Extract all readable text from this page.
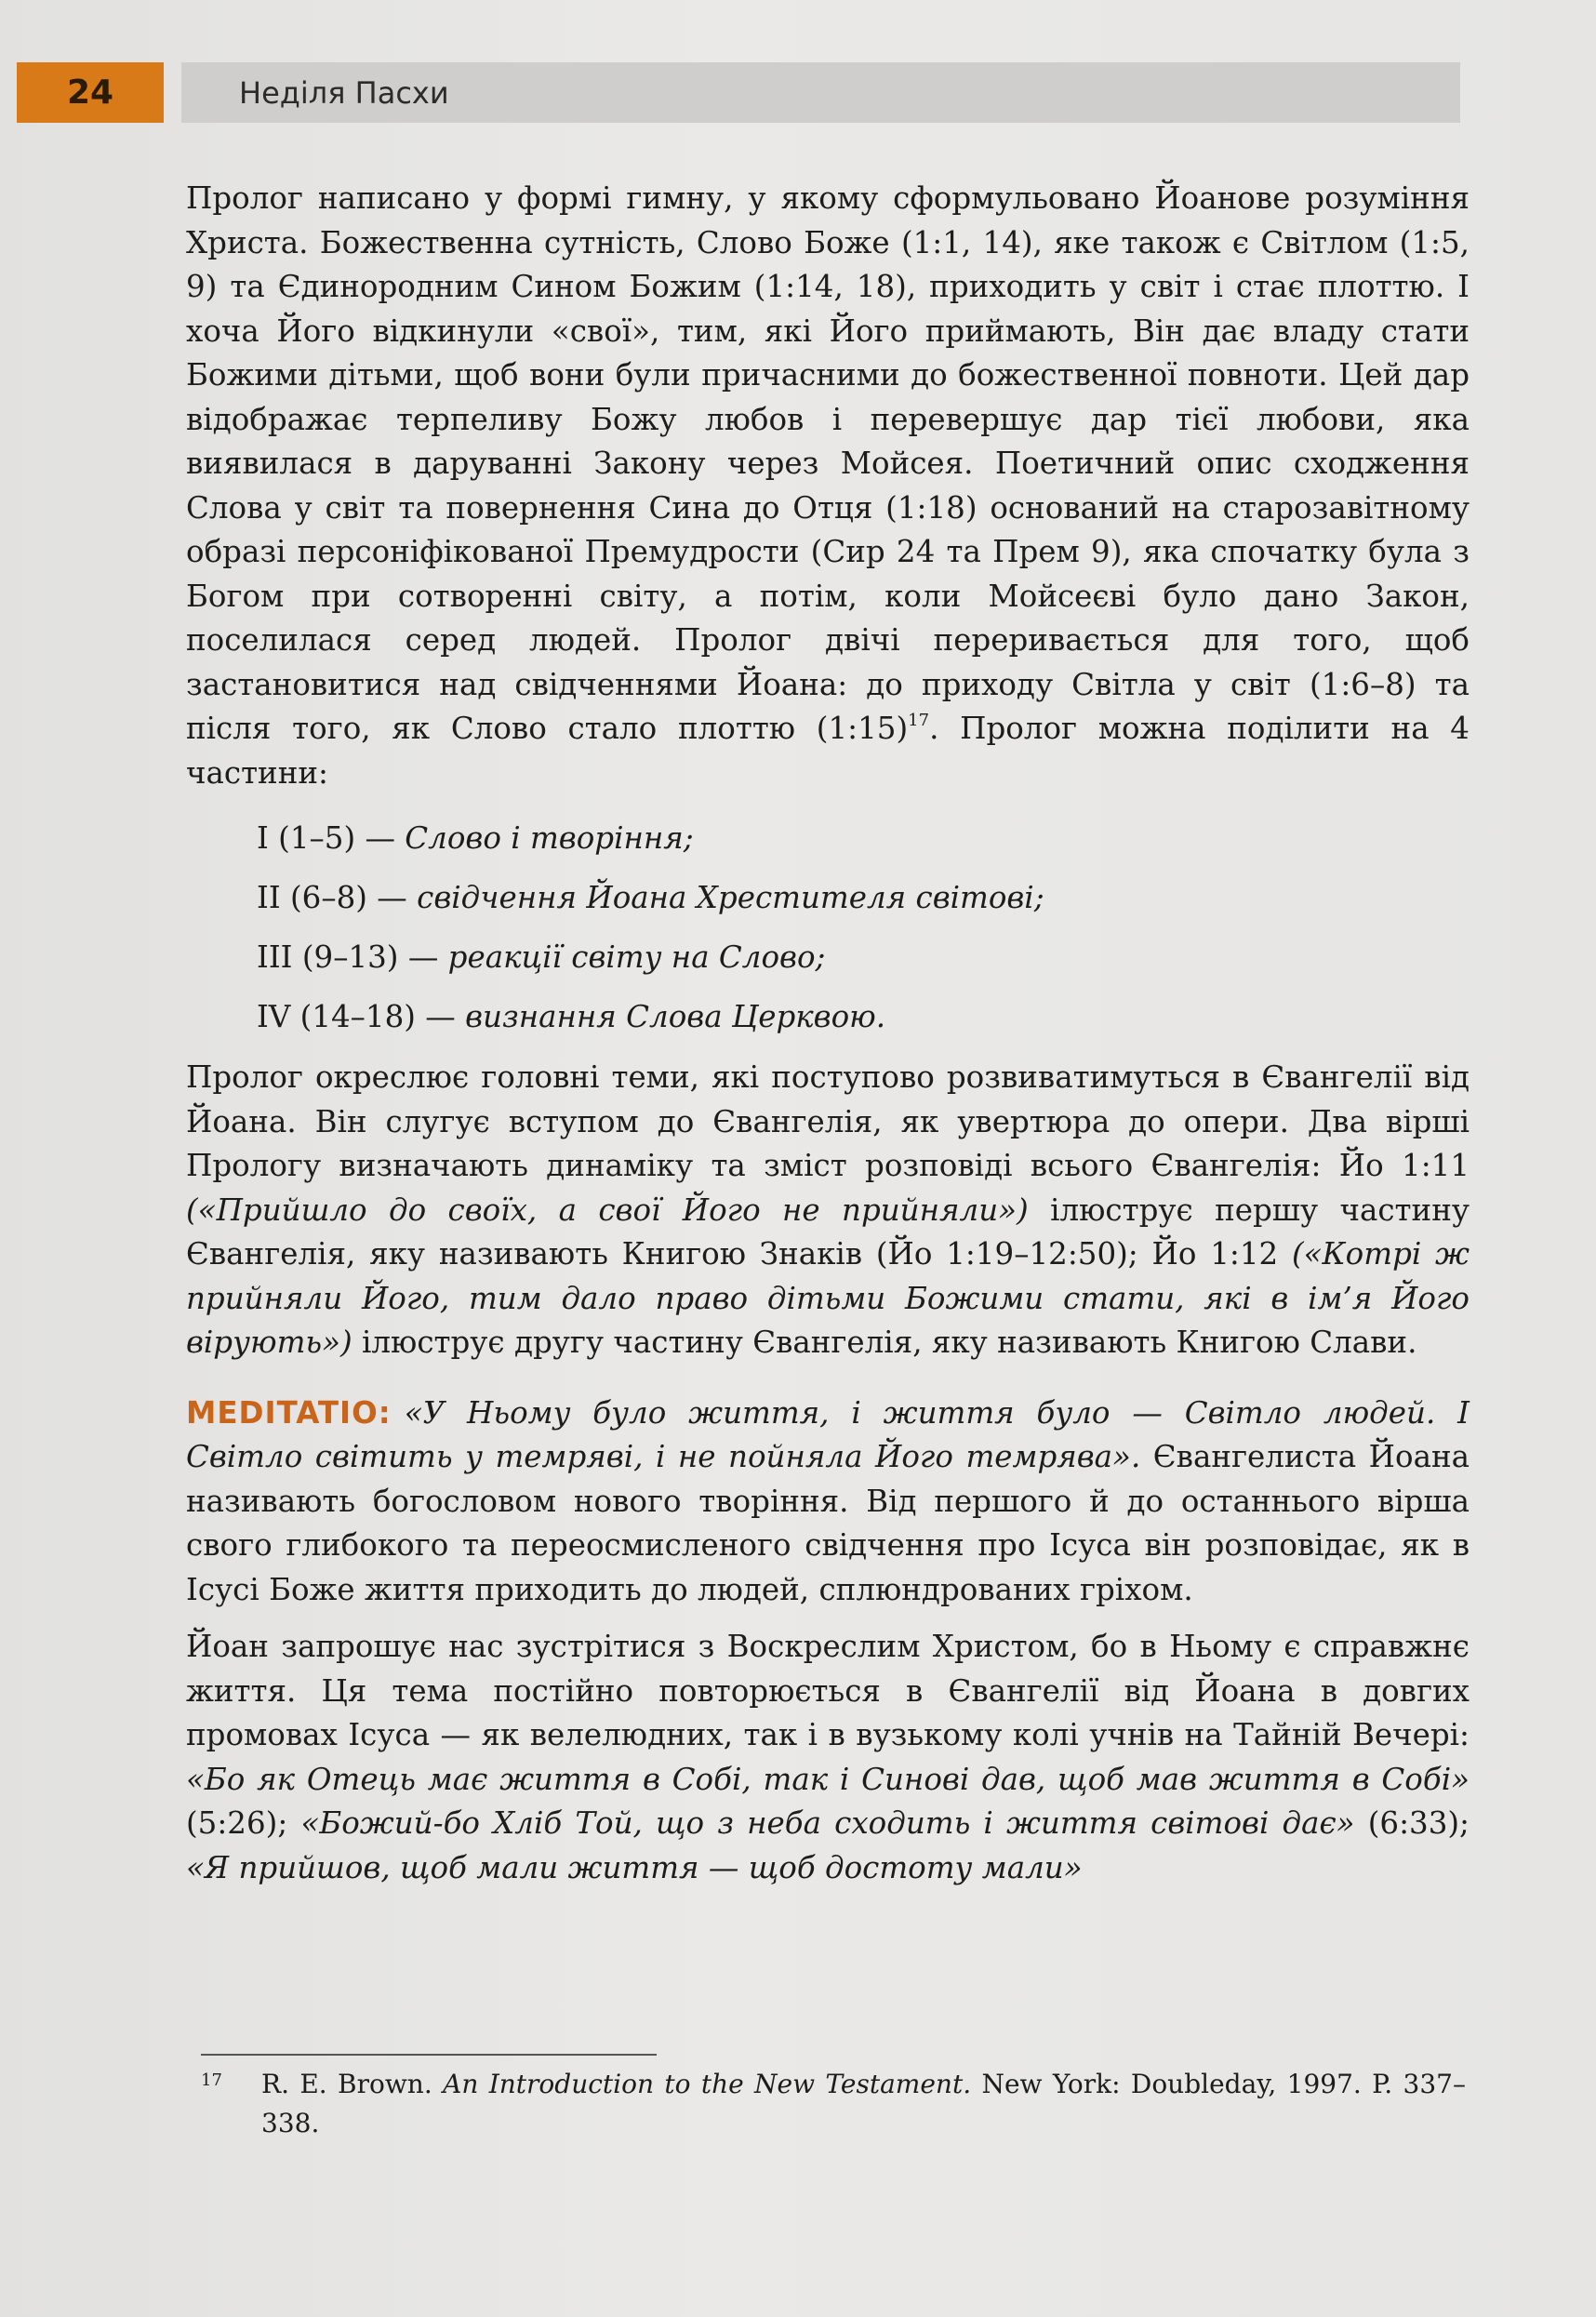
24	Неділя Пасхи

Пролог написано у формі гимну, у якому сформульовано Йоанове розуміння Христа. Божественна сутність, Слово Боже (1:1, 14), яке також є Світлом (1:5, 9) та Єдинородним Сином Божим (1:14, 18), приходить у світ і стає плоттю. І хоча Його відкинули «свої», тим, які Його приймають, Він дає владу стати Божими дітьми, щоб вони були причасними до божественної повноти. Цей дар відображає терпеливу Божу любов і перевершує дар тієї любови, яка виявилася в даруванні Закону через Мойсея. Поетичний опис сходження Слова у світ та повернення Сина до Отця (1:18) оснований на старозавітному образі персоніфікованої Премудрости (Сир 24 та Прем 9), яка спочатку була з Богом при сотворенні світу, а потім, коли Мойсеєві було дано Закон, поселилася серед людей. Пролог двічі переривається для того, щоб застановитися над свідченнями Йоана: до приходу Світла у світ (1:6–8) та після того, як Слово стало плоттю (1:15)$^{17}$. Пролог можна поділити на 4 частини:

I (1–5) — Слово і творіння;
II (6–8) — свідчення Йоана Хрестителя світові;
III (9–13) — реакції світу на Слово;
IV (14–18) — визнання Слова Церквою.

Пролог окреслює головні теми, які поступово розвиватимуться в Євангелії від Йоана. Він слугує вступом до Євангелія, як увертюра до опери. Два вірші Прологу визначають динаміку та зміст розповіді всього Євангелія: Йо 1:11 («Прийшло до своїх, а свої Його не прийняли») ілюструє першу частину Євангелія, яку називають Книгою Знаків (Йо 1:19–12:50); Йо 1:12 («Котрі ж прийняли Його, тим дало право дітьми Божими стати, які в ім’я Його вірують») ілюструє другу частину Євангелія, яку називають Книгою Слави.

MEDITATIO: «У Ньому було життя, і життя було — Світло людей. І Світло світить у темряві, і не пойняла Його темрява». Євангелиста Йоана називають богословом нового творіння. Від першого й до останнього вірша свого глибокого та переосмисленого свідчення про Ісуса він розповідає, як в Ісусі Боже життя приходить до людей, сплюндрованих гріхом.

Йоан запрошує нас зустрітися з Воскреслим Христом, бо в Ньому є справжнє життя. Ця тема постійно повторюється в Євангелії від Йоана в довгих промовах Ісуса — як велелюдних, так і в вузькому колі учнів на Тайній Вечері: «Бо як Отець має життя в Собі, так і Синові дав, щоб мав життя в Собі» (5:26); «Божий-бо Хліб Той, що з неба сходить і життя світові дає» (6:33); «Я прийшов, щоб мали життя — щоб достоту мали»

17	R. E. Brown. An Introduction to the New Testament. New York: Doubleday, 1997. P. 337–338.
